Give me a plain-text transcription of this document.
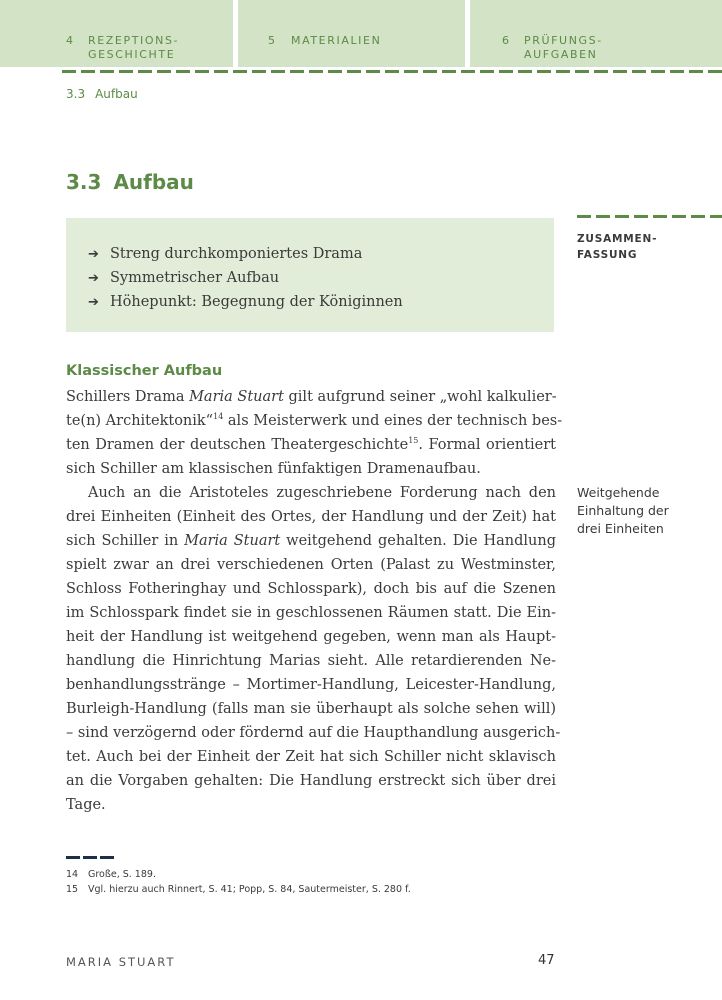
4 REZEPTIONS-
GESCHICHTE
5 MATERIALIEN	6 PRÜFUNGS-
AUFGABEN
3.3 Aufbau
3.3 Aufbau
➔ Streng durchkomponiertes Drama
➔ Symmetrischer Aufbau
➔ Höhepunkt: Begegnung der Königinnen
ZUSAMMEN-
FASSUNG
Weitgehende
Einhaltung der
drei Einheiten
Klassischer Aufbau
Schillers Drama Maria Stuart gilt aufgrund seiner „wohl kalkulier-
te(n) Architektonik“$^{14}$ als Meisterwerk und eines der technisch bes-
ten Dramen der deutschen Theatergeschichte$^{15}$. Formal orientiert
sich Schiller am klassischen fünfaktigen Dramenaufbau.
Auch an die Aristoteles zugeschriebene Forderung nach den
drei Einheiten (Einheit des Ortes, der Handlung und der Zeit) hat
sich Schiller in Maria Stuart weitgehend gehalten. Die Handlung
spielt zwar an drei verschiedenen Orten (Palast zu Westminster,
Schloss Fotheringhay und Schlosspark), doch bis auf die Szenen
im Schlosspark findet sie in geschlossenen Räumen statt. Die Ein-
heit der Handlung ist weitgehend gegeben, wenn man als Haupt-
handlung die Hinrichtung Marias sieht. Alle retardierenden Ne-
benhandlungsstränge – Mortimer-Handlung, Leicester-Handlung,
Burleigh-Handlung (falls man sie überhaupt als solche sehen will)
– sind verzögernd oder fördernd auf die Haupthandlung ausgerich-
tet. Auch bei der Einheit der Zeit hat sich Schiller nicht sklavisch
an die Vorgaben gehalten: Die Handlung erstreckt sich über drei
Tage.
14 Große, S. 189.
15 Vgl. hierzu auch Rinnert, S. 41; Popp, S. 84, Sautermeister, S. 280 f.
MARIA STUART	47
